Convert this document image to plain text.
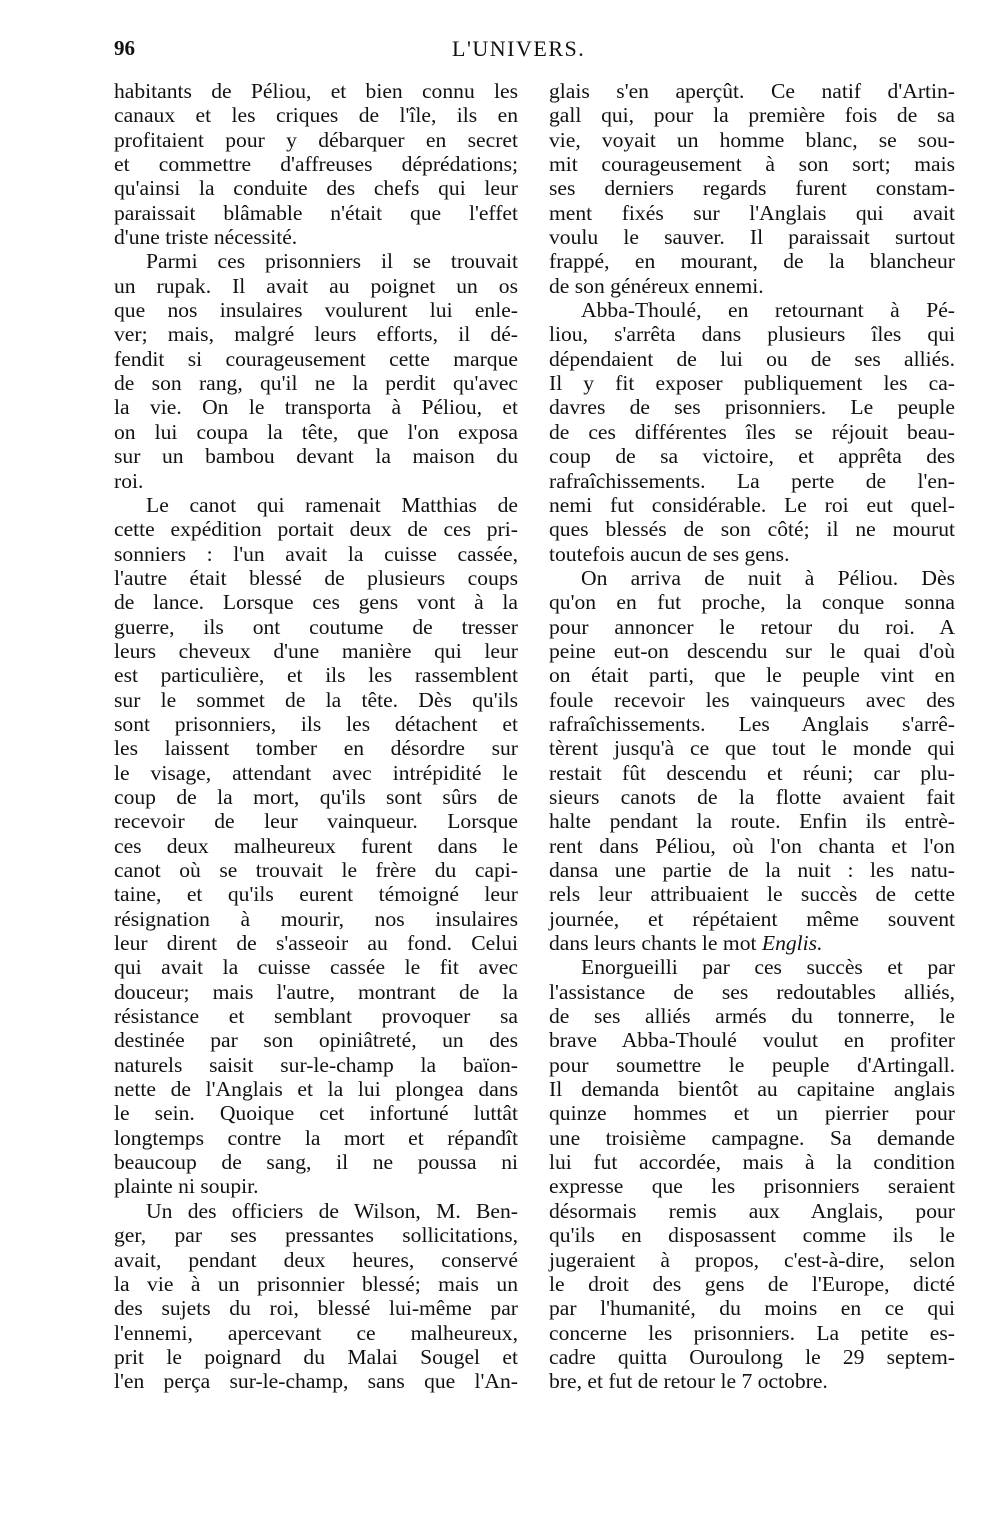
96	L'UNIVERS.
habitants de Péliou, et bien connu les
canaux et les criques de l'île, ils en
profitaient pour y débarquer en secret
et commettre d'affreuses déprédations;
qu'ainsi la conduite des chefs qui leur
paraissait blâmable n'était que l'effet
d'une triste nécessité.
Parmi ces prisonniers il se trouvait
un rupak. Il avait au poignet un os
que nos insulaires voulurent lui enle-
ver; mais, malgré leurs efforts, il dé-
fendit si courageusement cette marque
de son rang, qu'il ne la perdit qu'avec
la vie. On le transporta à Péliou, et
on lui coupa la tête, que l'on exposa
sur un bambou devant la maison du
roi.
Le canot qui ramenait Matthias de
cette expédition portait deux de ces pri-
sonniers : l'un avait la cuisse cassée,
l'autre était blessé de plusieurs coups
de lance. Lorsque ces gens vont à la
guerre, ils ont coutume de tresser
leurs cheveux d'une manière qui leur
est particulière, et ils les rassemblent
sur le sommet de la tête. Dès qu'ils
sont prisonniers, ils les détachent et
les laissent tomber en désordre sur
le visage, attendant avec intrépidité le
coup de la mort, qu'ils sont sûrs de
recevoir de leur vainqueur. Lorsque
ces deux malheureux furent dans le
canot où se trouvait le frère du capi-
taine, et qu'ils eurent témoigné leur
résignation à mourir, nos insulaires
leur dirent de s'asseoir au fond. Celui
qui avait la cuisse cassée le fit avec
douceur; mais l'autre, montrant de la
résistance et semblant provoquer sa
destinée par son opiniâtreté, un des
naturels saisit sur-le-champ la baïon-
nette de l'Anglais et la lui plongea dans
le sein. Quoique cet infortuné luttât
longtemps contre la mort et répandît
beaucoup de sang, il ne poussa ni
plainte ni soupir.
Un des officiers de Wilson, M. Ben-
ger, par ses pressantes sollicitations,
avait, pendant deux heures, conservé
la vie à un prisonnier blessé; mais un
des sujets du roi, blessé lui-même par
l'ennemi, apercevant ce malheureux,
prit le poignard du Malai Sougel et
l'en perça sur-le-champ, sans que l'An-
glais s'en aperçût. Ce natif d'Artin-
gall qui, pour la première fois de sa
vie, voyait un homme blanc, se sou-
mit courageusement à son sort; mais
ses derniers regards furent constam-
ment fixés sur l'Anglais qui avait
voulu le sauver. Il paraissait surtout
frappé, en mourant, de la blancheur
de son généreux ennemi.
Abba-Thoulé, en retournant à Pé-
liou, s'arrêta dans plusieurs îles qui
dépendaient de lui ou de ses alliés.
Il y fit exposer publiquement les ca-
davres de ses prisonniers. Le peuple
de ces différentes îles se réjouit beau-
coup de sa victoire, et apprêta des
rafraîchissements. La perte de l'en-
nemi fut considérable. Le roi eut quel-
ques blessés de son côté; il ne mourut
toutefois aucun de ses gens.
On arriva de nuit à Péliou. Dès
qu'on en fut proche, la conque sonna
pour annoncer le retour du roi. A
peine eut-on descendu sur le quai d'où
on était parti, que le peuple vint en
foule recevoir les vainqueurs avec des
rafraîchissements. Les Anglais s'arrê-
tèrent jusqu'à ce que tout le monde qui
restait fût descendu et réuni; car plu-
sieurs canots de la flotte avaient fait
halte pendant la route. Enfin ils entrè-
rent dans Péliou, où l'on chanta et l'on
dansa une partie de la nuit : les natu-
rels leur attribuaient le succès de cette
journée, et répétaient même souvent
dans leurs chants le mot Englis.
Enorgueilli par ces succès et par
l'assistance de ses redoutables alliés,
de ses alliés armés du tonnerre, le
brave Abba-Thoulé voulut en profiter
pour soumettre le peuple d'Artingall.
Il demanda bientôt au capitaine anglais
quinze hommes et un pierrier pour
une troisième campagne. Sa demande
lui fut accordée, mais à la condition
expresse que les prisonniers seraient
désormais remis aux Anglais, pour
qu'ils en disposassent comme ils le
jugeraient à propos, c'est-à-dire, selon
le droit des gens de l'Europe, dicté
par l'humanité, du moins en ce qui
concerne les prisonniers. La petite es-
cadre quitta Ouroulong le 29 septem-
bre, et fut de retour le 7 octobre.
